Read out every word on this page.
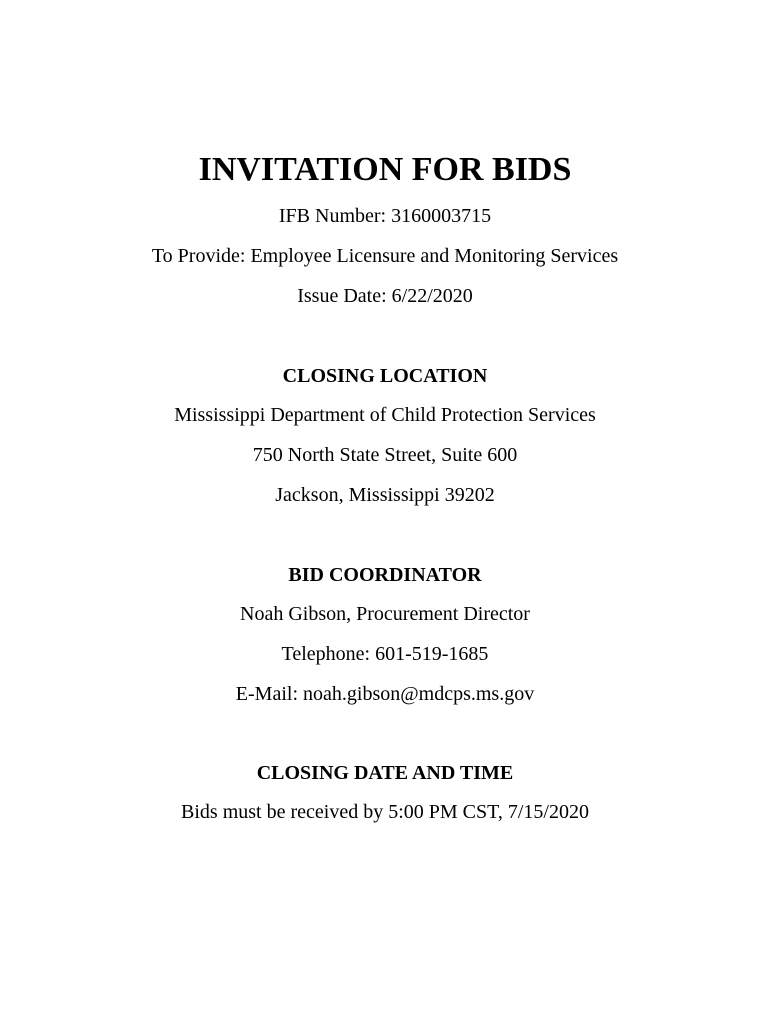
INVITATION FOR BIDS
IFB Number: 3160003715
To Provide: Employee Licensure and Monitoring Services
Issue Date: 6/22/2020
CLOSING LOCATION
Mississippi Department of Child Protection Services
750 North State Street, Suite 600
Jackson, Mississippi 39202
BID COORDINATOR
Noah Gibson, Procurement Director
Telephone: 601-519-1685
E-Mail: noah.gibson@mdcps.ms.gov
CLOSING DATE AND TIME
Bids must be received by 5:00 PM CST, 7/15/2020
